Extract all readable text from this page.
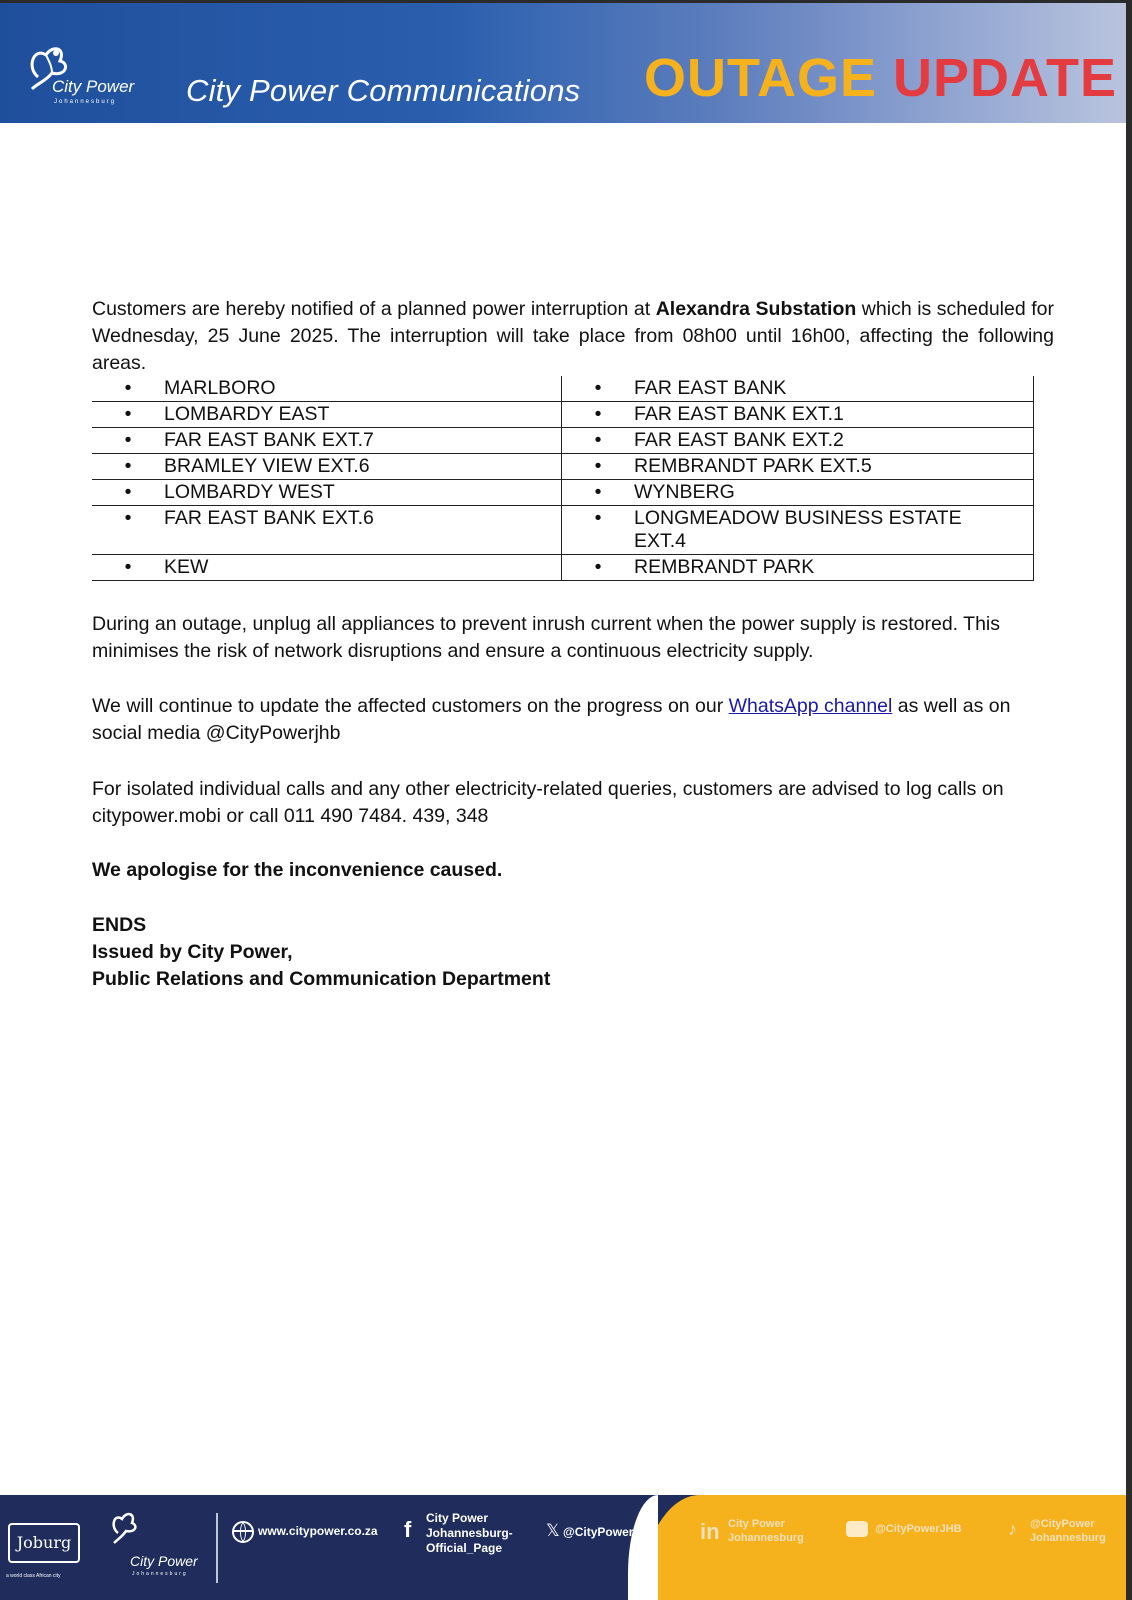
City Power
Johannesburg City Power Communications OUTAGE UPDATE
Customers are hereby notified of a planned power interruption at Alexandra Substation which is scheduled for Wednesday, 25 June 2025. The interruption will take place from 08h00 until 16h00, affecting the following areas.
• MARLBORO	• FAR EAST BANK
• LOMBARDY EAST	• FAR EAST BANK EXT.1
• FAR EAST BANK EXT.7	• FAR EAST BANK EXT.2
• BRAMLEY VIEW EXT.6	• REMBRANDT PARK EXT.5
• LOMBARDY WEST	• WYNBERG
• FAR EAST BANK EXT.6	• LONGMEADOW BUSINESS ESTATE EXT.4
• KEW	• REMBRANDT PARK
During an outage, unplug all appliances to prevent inrush current when the power supply is restored. This minimises the risk of network disruptions and ensure a continuous electricity supply.
We will continue to update the affected customers on the progress on our WhatsApp channel as well as on social media @CityPowerjhb
For isolated individual calls and any other electricity-related queries, customers are advised to log calls on citypower.mobi or call 011 490 7484. 439, 348
We apologise for the inconvenience caused.
ENDS
Issued by City Power,
Public Relations and Communication Department
Joburg
a world class African city
City Power
Johannesburg
www.citypower.co.za f City Power
Johannesburg-
Official_Page
𝕏 @CityPowerJhb in City Power
Johannesburg
@CityPowerJHB	♪ @CityPower
Johannesburg
